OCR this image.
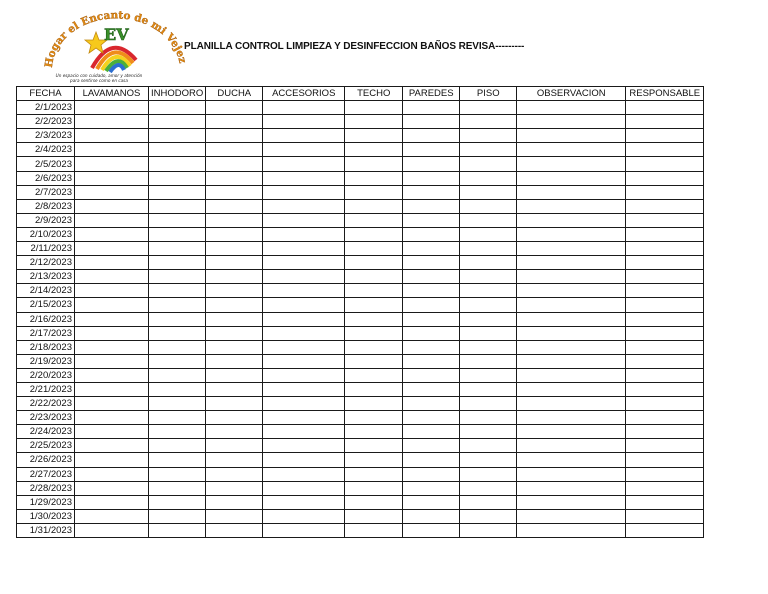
EV
Hogar el Encanto de mi Vejez
Un espacio con cuidado, amor y atención
para sentirse como en casa
PLANILLA CONTROL LIMPIEZA Y DESINFECCION BAÑOS REVISA---------
FECHA	LAVAMANOS	INHODORO	DUCHA	ACCESORIOS	TECHO	PAREDES	PISO	OBSERVACION	RESPONSABLE
2/1/2023									
2/2/2023									
2/3/2023									
2/4/2023									
2/5/2023									
2/6/2023									
2/7/2023									
2/8/2023									
2/9/2023									
2/10/2023									
2/11/2023									
2/12/2023									
2/13/2023									
2/14/2023									
2/15/2023									
2/16/2023									
2/17/2023									
2/18/2023									
2/19/2023									
2/20/2023									
2/21/2023									
2/22/2023									
2/23/2023									
2/24/2023									
2/25/2023									
2/26/2023									
2/27/2023									
2/28/2023									
1/29/2023									
1/30/2023									
1/31/2023									
